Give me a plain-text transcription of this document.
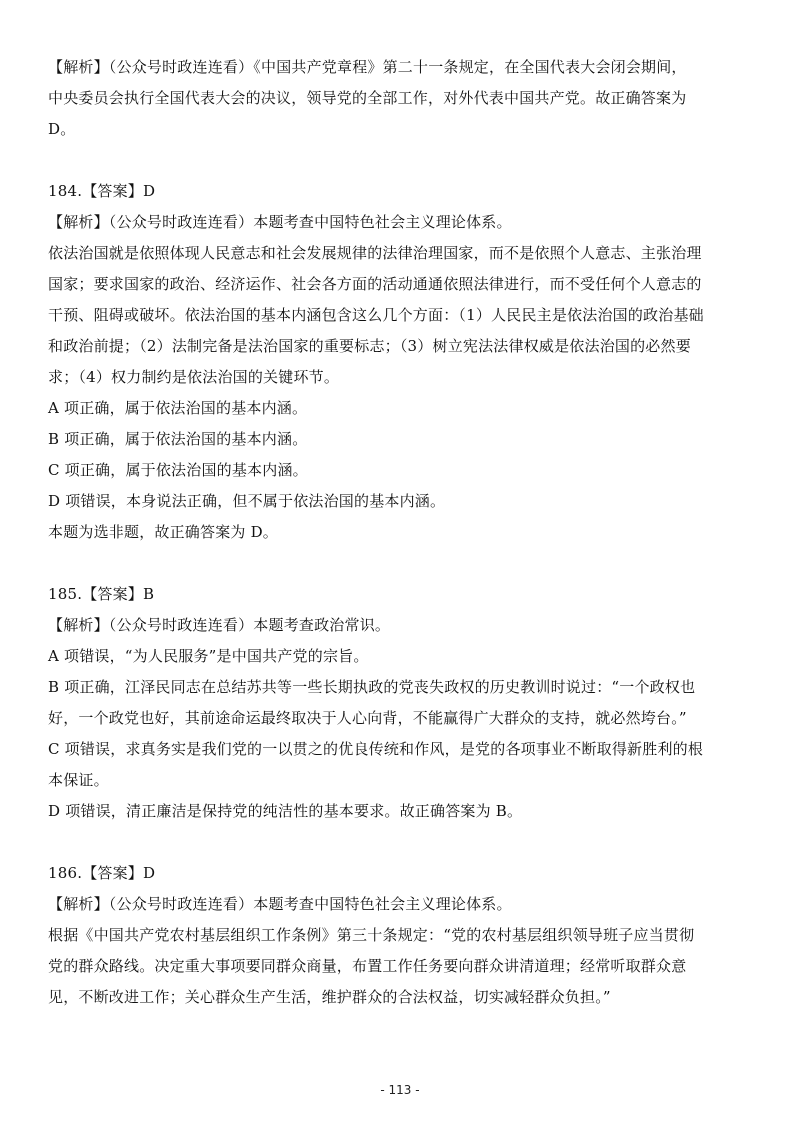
【解析】（公众号时政连连看）《中国共产党章程》第二十一条规定，在全国代表大会闭会期间，

中央委员会执行全国代表大会的决议，领导党的全部工作，对外代表中国共产党。故正确答案为

D。

184.【答案】D

【解析】（公众号时政连连看）本题考查中国特色社会主义理论体系。

依法治国就是依照体现人民意志和社会发展规律的法律治理国家，而不是依照个人意志、主张治理

国家；要求国家的政治、经济运作、社会各方面的活动通通依照法律进行，而不受任何个人意志的

干预、阻碍或破坏。依法治国的基本内涵包含这么几个方面：（1）人民民主是依法治国的政治基础

和政治前提；（2）法制完备是法治国家的重要标志；（3）树立宪法法律权威是依法治国的必然要

求；（4）权力制约是依法治国的关键环节。

A 项正确，属于依法治国的基本内涵。

B 项正确，属于依法治国的基本内涵。

C 项正确，属于依法治国的基本内涵。

D 项错误，本身说法正确，但不属于依法治国的基本内涵。

本题为选非题，故正确答案为 D。

185.【答案】B

【解析】（公众号时政连连看）本题考查政治常识。

A 项错误，“为人民服务”是中国共产党的宗旨。

B 项正确，江泽民同志在总结苏共等一些长期执政的党丧失政权的历史教训时说过：“一个政权也

好，一个政党也好，其前途命运最终取决于人心向背，不能赢得广大群众的支持，就必然垮台。”

C 项错误，求真务实是我们党的一以贯之的优良传统和作风，是党的各项事业不断取得新胜利的根

本保证。

D 项错误，清正廉洁是保持党的纯洁性的基本要求。故正确答案为 B。

186.【答案】D

【解析】（公众号时政连连看）本题考查中国特色社会主义理论体系。

根据《中国共产党农村基层组织工作条例》第三十条规定：“党的农村基层组织领导班子应当贯彻

党的群众路线。决定重大事项要同群众商量，布置工作任务要向群众讲清道理；经常听取群众意

见，不断改进工作；关心群众生产生活，维护群众的合法权益，切实减轻群众负担。”

- 113 -
